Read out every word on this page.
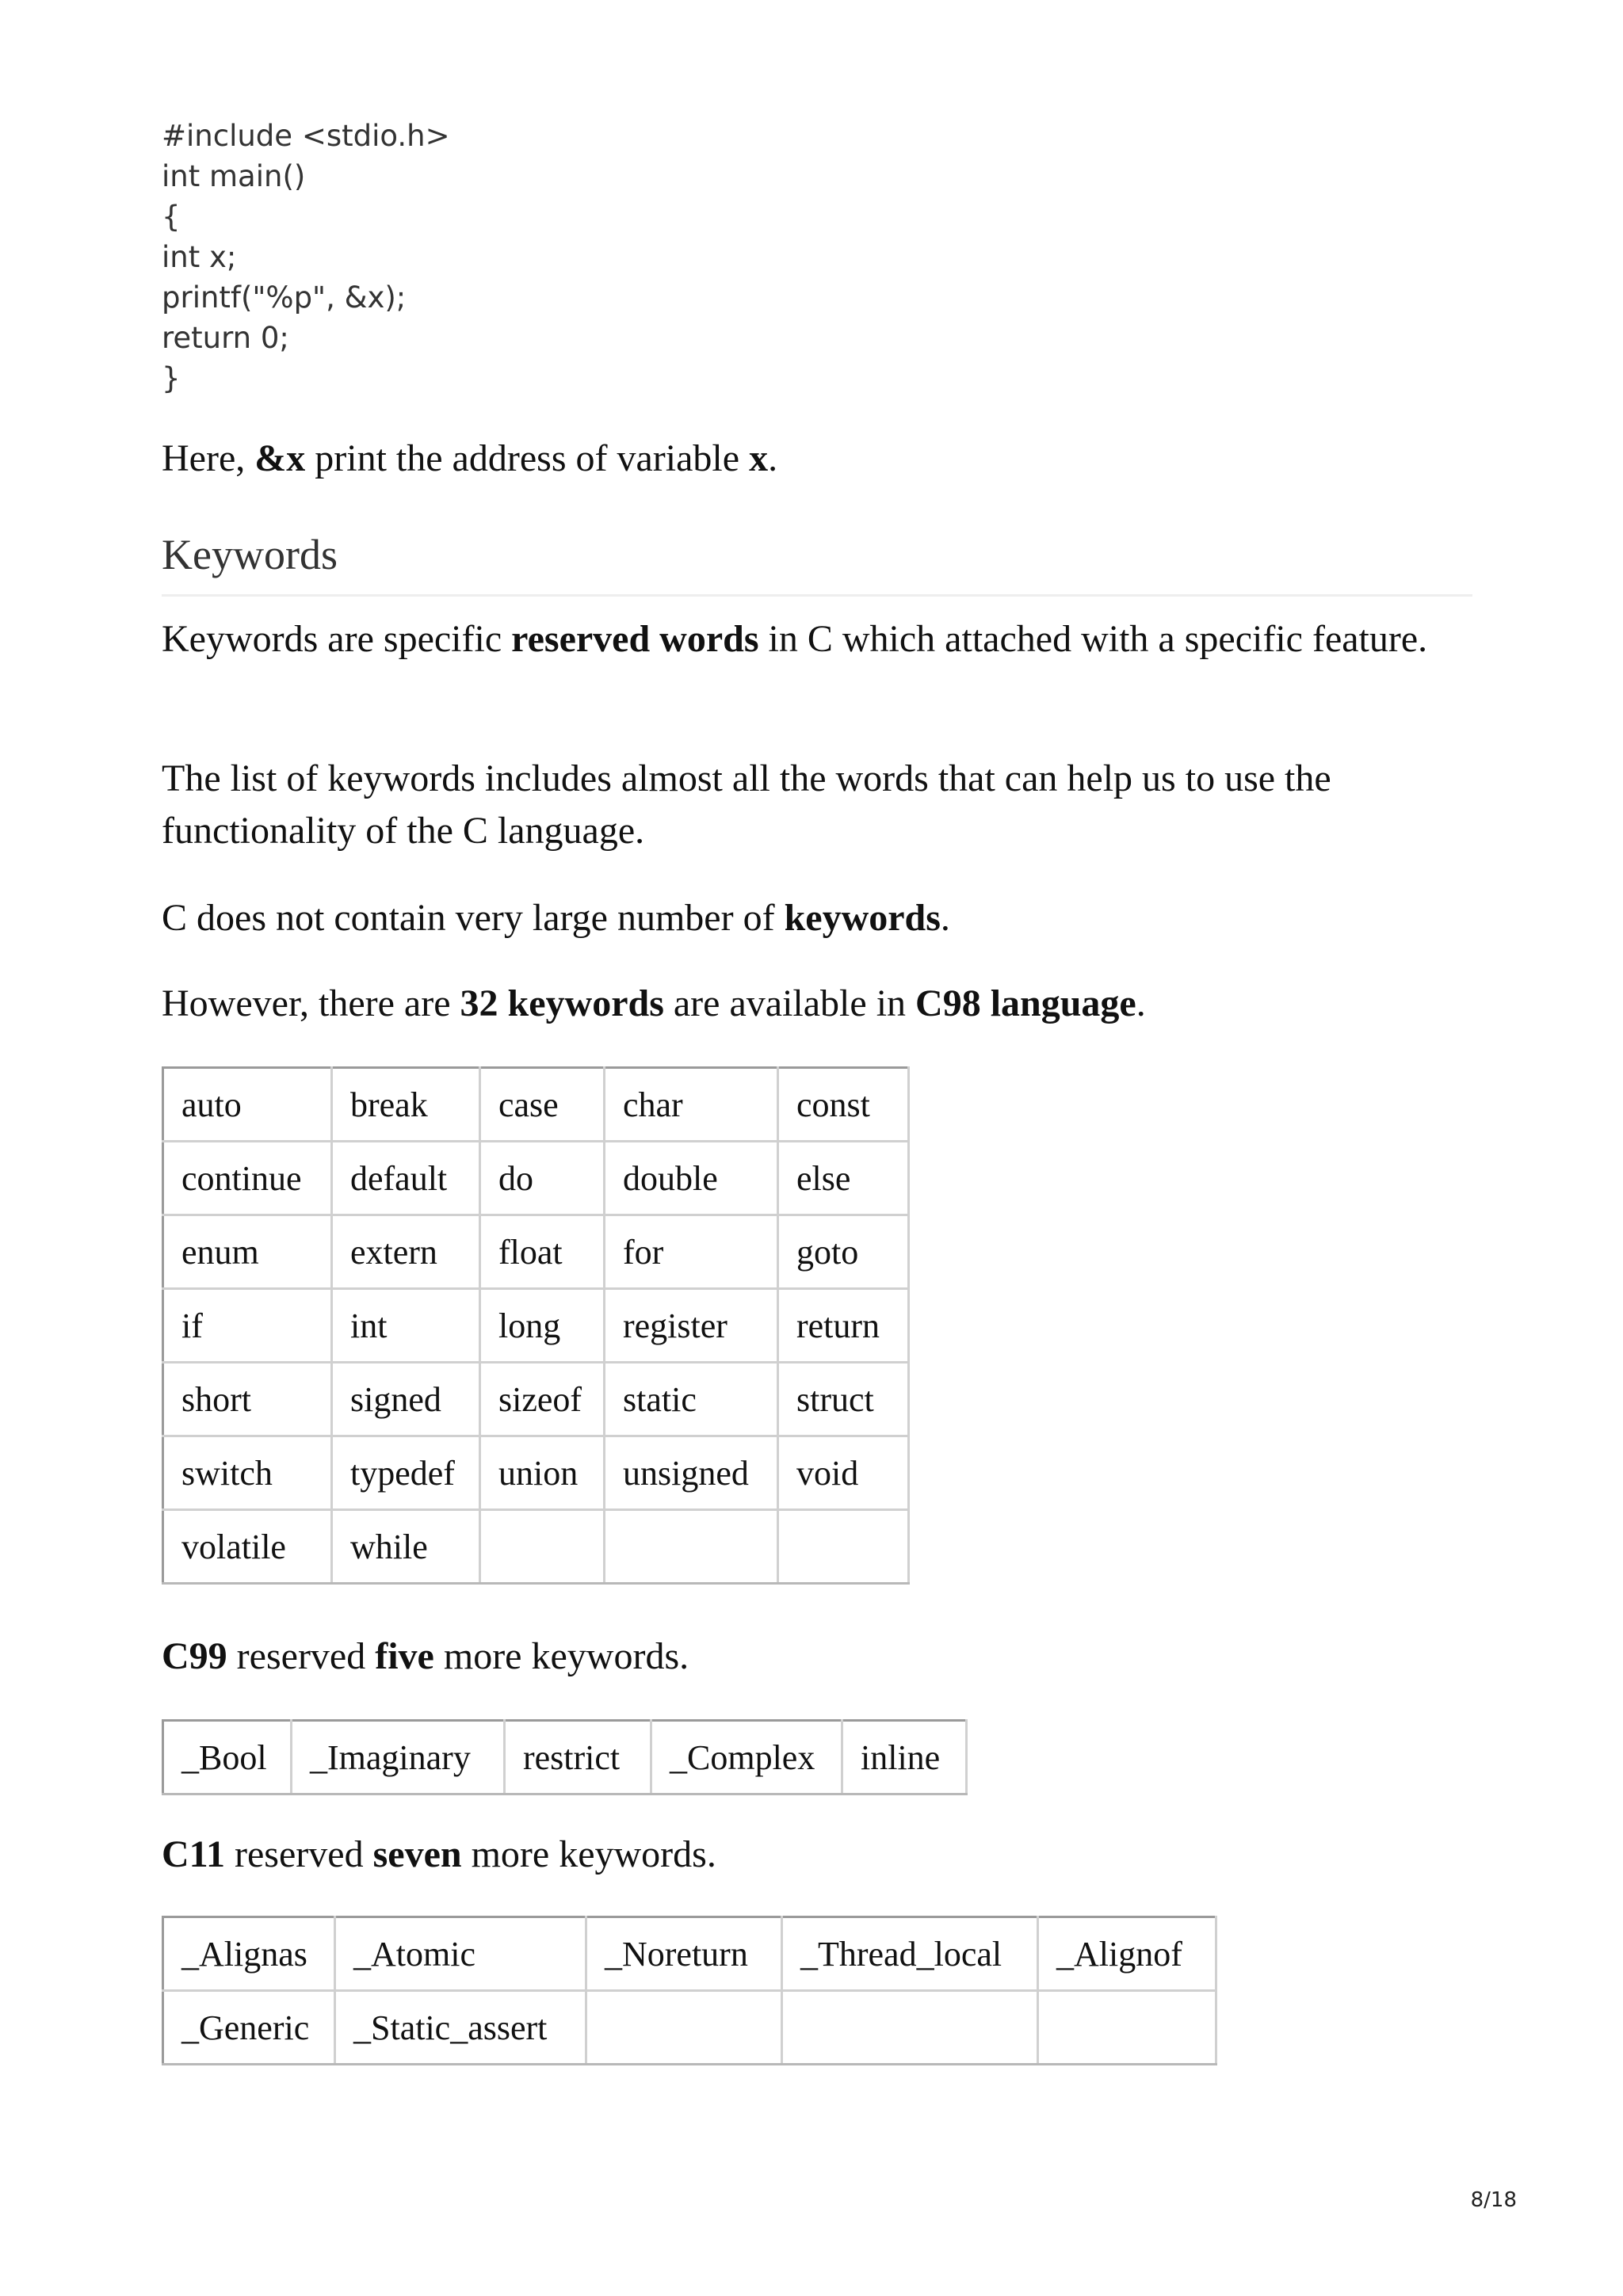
#include <stdio.h>
int main()
{
int x;
printf("%p", &x);
return 0;
}
Here, &x print the address of variable x.
Keywords
Keywords are specific reserved words in C which attached with a specific feature.
The list of keywords includes almost all the words that can help us to use the functionality of the C language.
C does not contain very large number of keywords.
However, there are 32 keywords are available in C98 language.
auto	break	case	char	const
continue	default	do	double	else
enum	extern	float	for	goto
if	int	long	register	return
short	signed	sizeof	static	struct
switch	typedef	union	unsigned	void
volatile	while			
C99 reserved five more keywords.
_Bool	_Imaginary	restrict	_Complex	inline
C11 reserved seven more keywords.
_Alignas	_Atomic	_Noreturn	_Thread_local	_Alignof
_Generic	_Static_assert			
8/18
